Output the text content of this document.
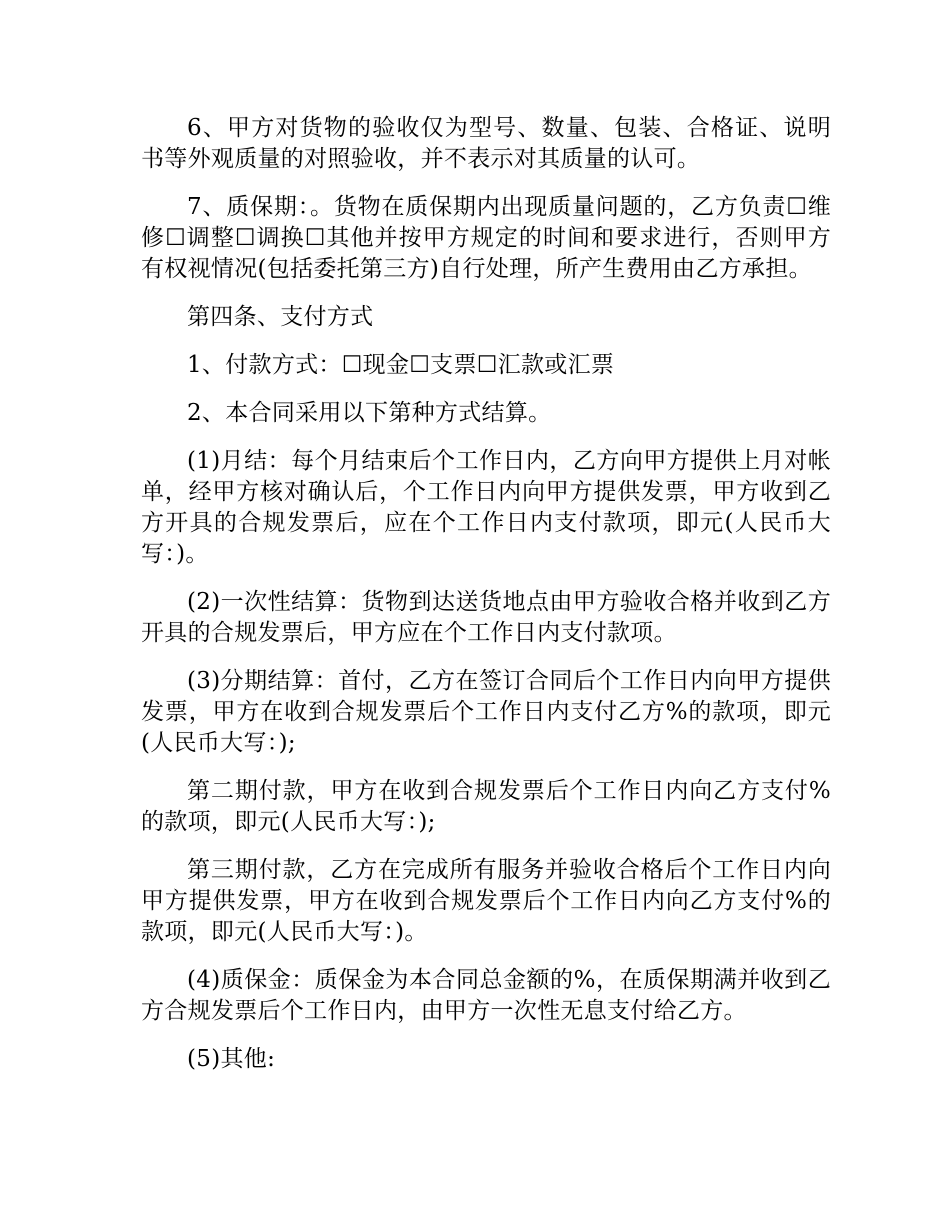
6、甲方对货物的验收仅为型号、数量、包装、合格证、说明书等外观质量的对照验收，并不表示对其质量的认可。

7、质保期：。货物在质保期内出现质量问题的，乙方负责☐维修☐调整☐调换☐其他并按甲方规定的时间和要求进行，否则甲方有权视情况(包括委托第三方)自行处理，所产生费用由乙方承担。

第四条、支付方式

1、付款方式：☐现金☐支票☐汇款或汇票

2、本合同采用以下第种方式结算。

(1)月结：每个月结束后个工作日内，乙方向甲方提供上月对帐单，经甲方核对确认后，个工作日内向甲方提供发票，甲方收到乙方开具的合规发票后，应在个工作日内支付款项，即元(人民币大写：)。

(2)一次性结算：货物到达送货地点由甲方验收合格并收到乙方开具的合规发票后，甲方应在个工作日内支付款项。

(3)分期结算：首付，乙方在签订合同后个工作日内向甲方提供发票，甲方在收到合规发票后个工作日内支付乙方%的款项，即元(人民币大写：);

第二期付款，甲方在收到合规发票后个工作日内向乙方支付%的款项，即元(人民币大写：);

第三期付款，乙方在完成所有服务并验收合格后个工作日内向甲方提供发票，甲方在收到合规发票后个工作日内向乙方支付%的款项，即元(人民币大写：)。

(4)质保金：质保金为本合同总金额的%，在质保期满并收到乙方合规发票后个工作日内，由甲方一次性无息支付给乙方。

(5)其他:
